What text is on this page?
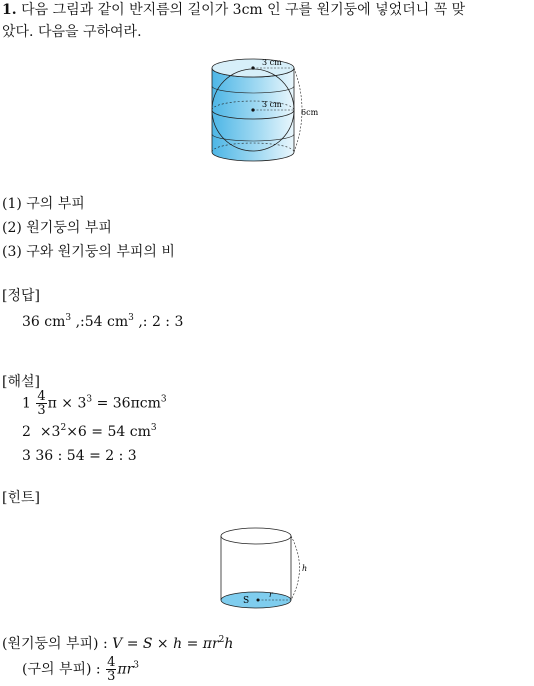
1. 다음 그림과 같이 반지름의 길이가 3cm 인 구를 원기둥에 넣었더니 꼭 맞
았다. 다음을 구하여라.
3 cm
3 cm
6cm
(1) 구의 부피
(2) 원기둥의 부피
(3) 구와 원기둥의 부피의 비
[정답]
36 $cm^3$ ,:54 $cm^3$ ,: 2 : 3
[해설]
$1 \frac{4}{3}$ $\pi \times 3^3 = 36\pi cm^3$
$2 \times 3^2\times 6 = 54$ $cm^3$
3 36 : 54 = 2 : 3
[힌트]
S
r
h
(원기둥의 부피) : $V = S \times h = \pi r^2h$
(구의 부피) : $\frac{4}{3} \pi r^3$
